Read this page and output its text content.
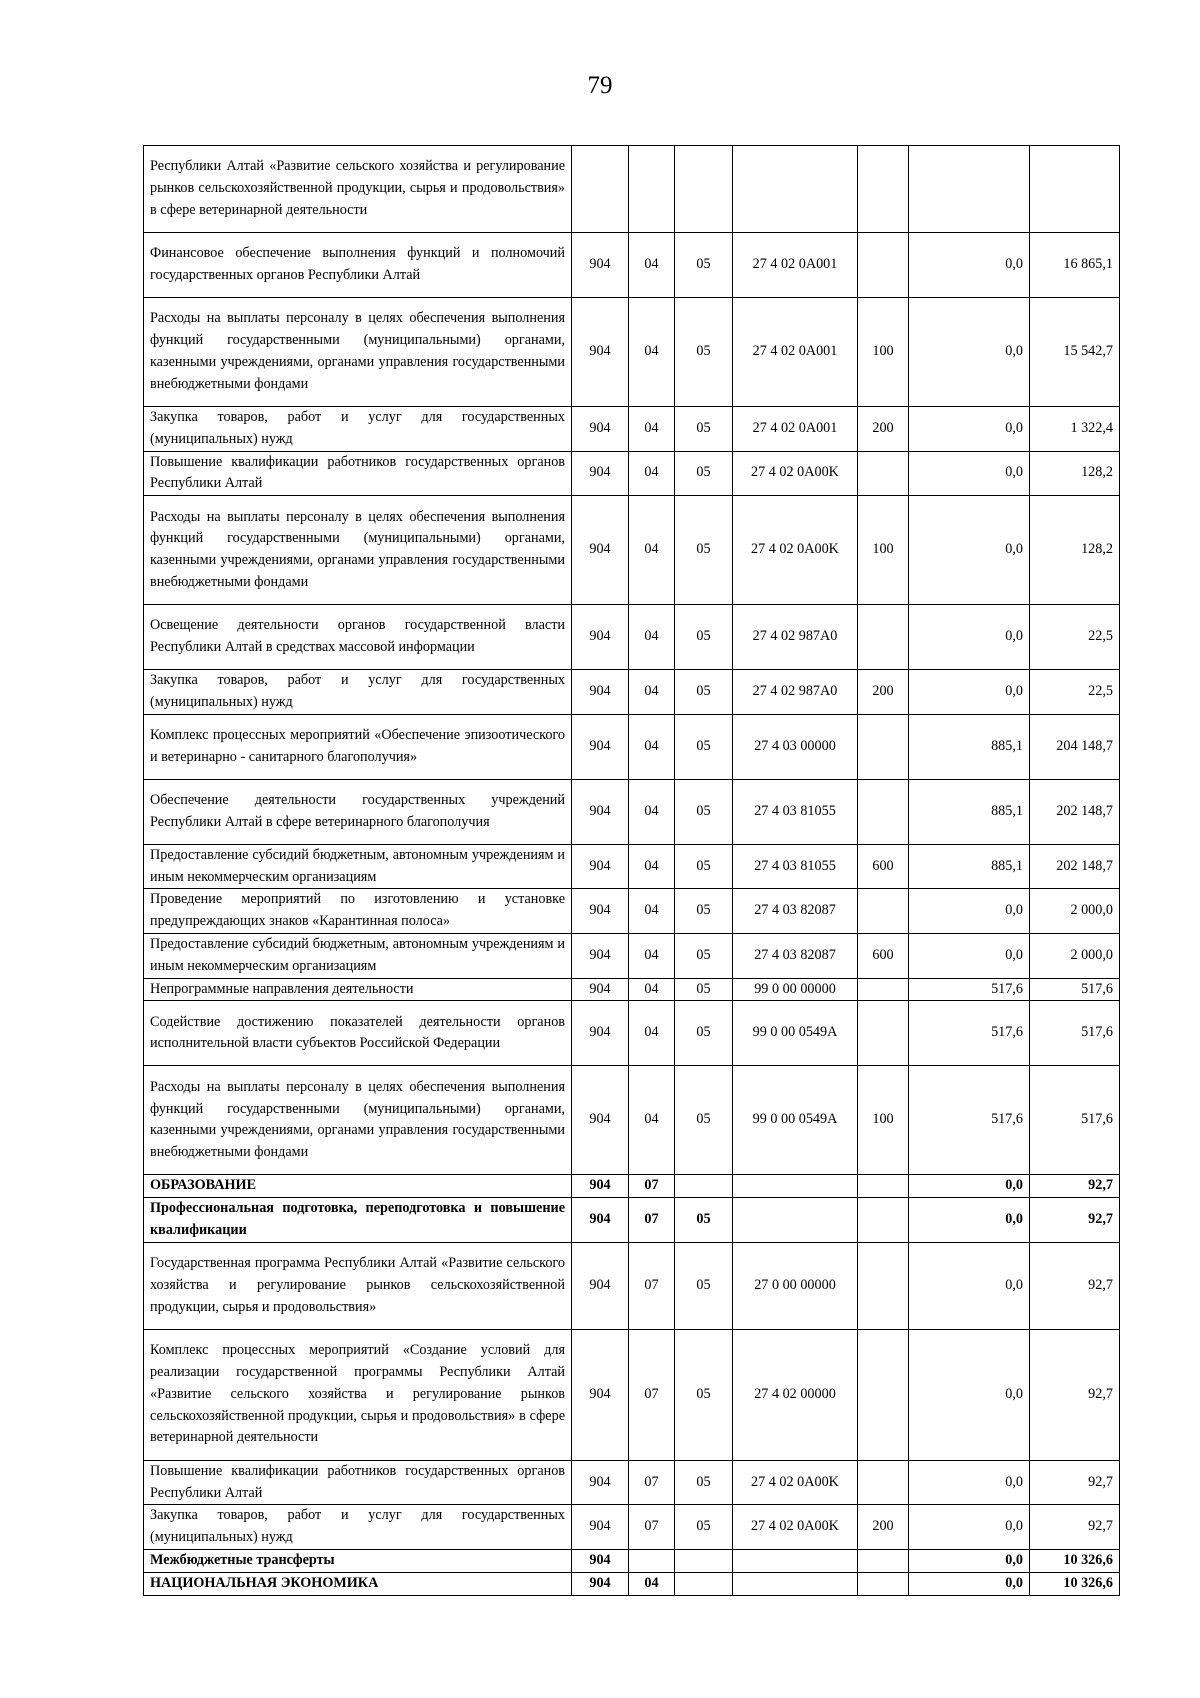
79
Республики Алтай «Развитие сельского хозяйства и регулирование рынков сельскохозяйственной продукции, сырья и продовольствия» в сфере ветеринарной деятельности							
Финансовое обеспечение выполнения функций и полномочий государственных органов Республики Алтай	904	04	05	27 4 02 0A001		0,0	16 865,1
Расходы на выплаты персоналу в целях обеспечения выполнения функций государственными (муниципальными) органами, казенными учреждениями, органами управления государственными внебюджетными фондами	904	04	05	27 4 02 0A001	100	0,0	15 542,7
Закупка товаров, работ и услуг для государственных (муниципальных) нужд	904	04	05	27 4 02 0A001	200	0,0	1 322,4
Повышение квалификации работников государственных органов Республики Алтай	904	04	05	27 4 02 0A00K		0,0	128,2
Расходы на выплаты персоналу в целях обеспечения выполнения функций государственными (муниципальными) органами, казенными учреждениями, органами управления государственными внебюджетными фондами	904	04	05	27 4 02 0A00K	100	0,0	128,2
Освещение деятельности органов государственной власти Республики Алтай в средствах массовой информации	904	04	05	27 4 02 987A0		0,0	22,5
Закупка товаров, работ и услуг для государственных (муниципальных) нужд	904	04	05	27 4 02 987A0	200	0,0	22,5
Комплекс процессных мероприятий «Обеспечение эпизоотического и ветеринарно - санитарного благополучия»	904	04	05	27 4 03 00000		885,1	204 148,7
Обеспечение деятельности государственных учреждений Республики Алтай в сфере ветеринарного благополучия	904	04	05	27 4 03 81055		885,1	202 148,7
Предоставление субсидий бюджетным, автономным учреждениям и иным некоммерческим организациям	904	04	05	27 4 03 81055	600	885,1	202 148,7
Проведение мероприятий по изготовлению и установке предупреждающих знаков «Карантинная полоса»	904	04	05	27 4 03 82087		0,0	2 000,0
Предоставление субсидий бюджетным, автономным учреждениям и иным некоммерческим организациям	904	04	05	27 4 03 82087	600	0,0	2 000,0
Непрограммные направления деятельности	904	04	05	99 0 00 00000		517,6	517,6
Содействие достижению показателей деятельности органов исполнительной власти субъектов Российской Федерации	904	04	05	99 0 00 0549A		517,6	517,6
Расходы на выплаты персоналу в целях обеспечения выполнения функций государственными (муниципальными) органами, казенными учреждениями, органами управления государственными внебюджетными фондами	904	04	05	99 0 00 0549A	100	517,6	517,6
ОБРАЗОВАНИЕ	904	07				0,0	92,7
Профессиональная подготовка, переподготовка и повышение квалификации	904	07	05			0,0	92,7
Государственная программа Республики Алтай «Развитие сельского хозяйства и регулирование рынков сельскохозяйственной продукции, сырья и продовольствия»	904	07	05	27 0 00 00000		0,0	92,7
Комплекс процессных мероприятий «Создание условий для реализации государственной программы Республики Алтай «Развитие сельского хозяйства и регулирование рынков сельскохозяйственной продукции, сырья и продовольствия» в сфере ветеринарной деятельности	904	07	05	27 4 02 00000		0,0	92,7
Повышение квалификации работников государственных органов Республики Алтай	904	07	05	27 4 02 0A00K		0,0	92,7
Закупка товаров, работ и услуг для государственных (муниципальных) нужд	904	07	05	27 4 02 0A00K	200	0,0	92,7
Межбюджетные трансферты	904					0,0	10 326,6
НАЦИОНАЛЬНАЯ ЭКОНОМИКА	904	04				0,0	10 326,6
